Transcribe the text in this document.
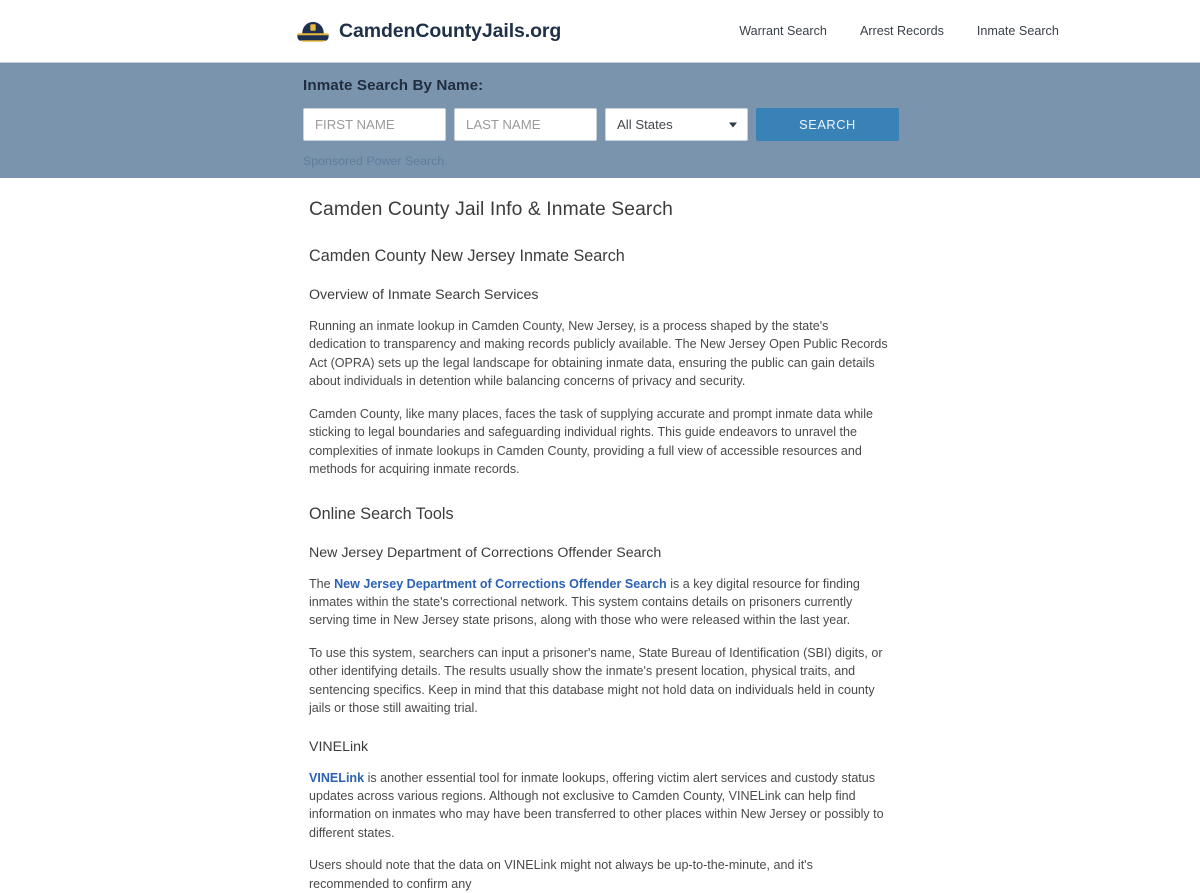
CamdenCountyJails.org	Warrant Search	Arrest Records	Inmate Search
Inmate Search By Name:
FIRST NAME
LAST NAME
All States
SEARCH
Sponsored Power Search.
Camden County Jail Info & Inmate Search
Camden County New Jersey Inmate Search
Overview of Inmate Search Services

Running an inmate lookup in Camden County, New Jersey, is a process shaped by the state's dedication to transparency and making records publicly available. The New Jersey Open Public Records Act (OPRA) sets up the legal landscape for obtaining inmate data, ensuring the public can gain details about individuals in detention while balancing concerns of privacy and security.

Camden County, like many places, faces the task of supplying accurate and prompt inmate data while sticking to legal boundaries and safeguarding individual rights. This guide endeavors to unravel the complexities of inmate lookups in Camden County, providing a full view of accessible resources and methods for acquiring inmate records.

Online Search Tools
New Jersey Department of Corrections Offender Search

The New Jersey Department of Corrections Offender Search is a key digital resource for finding inmates within the state's correctional network. This system contains details on prisoners currently serving time in New Jersey state prisons, along with those who were released within the last year.

To use this system, searchers can input a prisoner's name, State Bureau of Identification (SBI) digits, or other identifying details. The results usually show the inmate's present location, physical traits, and sentencing specifics. Keep in mind that this database might not hold data on individuals held in county jails or those still awaiting trial.

VINELink

VINELink is another essential tool for inmate lookups, offering victim alert services and custody status updates across various regions. Although not exclusive to Camden County, VINELink can help find information on inmates who may have been transferred to other places within New Jersey or possibly to different states.

Users should note that the data on VINELink might not always be up-to-the-minute, and it's recommended to confirm any
